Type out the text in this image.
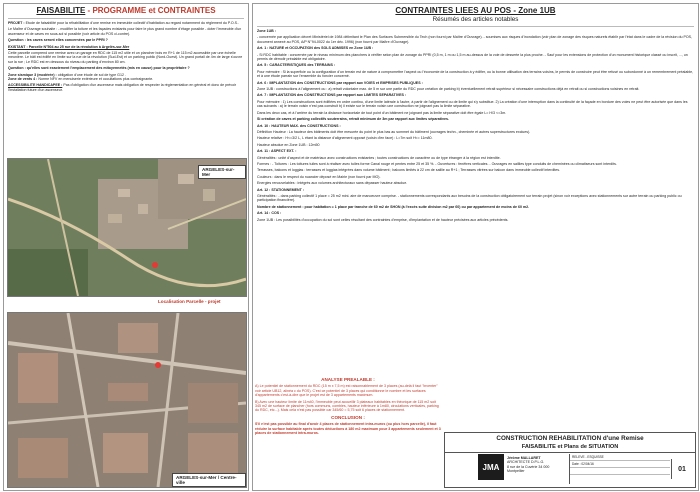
FAISABILITE - PROGRAMME et CONTRAINTES

PROJET : Etude de faisabilité pour la réhabilitation d'une remise en immeuble collectif d'habitation au regard notamment du règlement du P.O.S..

Le Maître d'Ouvrage souhaite : - modifier la toiture et les façades existants pour faire le plus grand nombre d'étage possible - doter l'immeuble d'un ascenseur et de caves en sous-sol si possible (voir article du POS ci-contre).

Question : les caves seront elles concernées par le PPRI ?

EXISTANT : Parcelle N°504 au 25 rue de la révolution à Argelès-sur-Mer

Cette parcelle comprend une remise avec un garage en RDC de 115 m2 utile et un plancher bois en R+1 de 115 m2 accessible par une échelle meunière. Le bâti est édifié en limite sur la rue de la révolution (Sud-Est) et un parking public (Nord-Ouest). Un grand portail de 4m de large s'ouvre sur la rue ; Le RDC est en dessous du niveau du parking d'environ 80 cm.

Question : qu'elles sont exactement l'emplacement des mitoyennetés (mis en cause) pour la propriétaire ?

Zone sismique 3 (modérée) : obligation d'une étude de sol de type G12 .
Zone de vents 4 : Norme NFV en menuiserie extérieure et occultations plus contraignante.

ACCESSIBILITE HANDICAPEE : Pas d'obligation d'un ascenseur mais obligation de respecter la réglementation en général et donc de prévoir l'installation future d'un ascenseur.

ARGELES-sur-Mer
Localisation Parcelle - projet
ARGELES-sur-Mer / Centre-ville
CONTRAINTES LIEES AU POS - Zone 1UB
Résumés des articles notables

Zone 1UB :

- concernée par application décret Ministériel de 1984 délimitant le Plan des Surfaces Submersible du Tech (non fourni par Maître d'Ouvrage). - soumises aux risques d'inondation (voir plan de zonage des risques naturels établir par l'état dans le cadre de la révision du POS, document annexé au POS, A/P N°94-0022 du 1er déc. 1996) (non fourni par Maître d'Ouvrage).

Art. 1 : NATURE et OCCUPATION des SOLS ADMISES en Zone 1UB :

- Si RDC habitable : concernée par le niveau minimum des planchers à vérifier selon plan de zonage du PPRI (0,5 m, 1 m ou 1,5 m au-dessus de la voie de desserte la plus proche. - Sauf pour les extensions de protection d'un monument historique classé ou inscrit, ..., un permis de démolir préalable est obligatoire.

Art. 5 : CARACTERISTIQUES des TERRAINS :

Pour mémoire : Si la superficie ou la configuration d'un terrain est de nature à compromettre l'aspect ou l'économie de la construction à y édifier, ou la bonne utilisation des terrains voisins, le permis de construire peut être refusé ou subordonné à un remembrement préalable, et à une étude parrain sur l'ensemble du foncier concerné.

Art. 6 : IMPLANTATION des CONSTRUCTIONS par rapport aux VOIES et EMPRISES PUBLIQUES :

Zone 1UB : constructions à l'alignement ou : a) retrait volontaire max. de 5 m sur une partie du RDC pour création de parking b) éventuellement retrait supérieur si nécessaire constructions déjà en retrait ou si constructions voisines en retrait.

Art. 7 : IMPLANTATION des CONSTRUCTIONS par rapport aux LIMITES SEPARATIVES :

Pour mémoire : 1) Les constructions sont édifiées en ordre continu, d'une limite latérale à l'autre, à partir de l'alignement ou de limite qui s'y substitue. 2) La création d'une interruption dans la continuité de la façade en bordure des voies ne peut être autorisée que dans les cas suivants : a) le terrain voisin n'est pas construit b) il existe sur le terrain voisin une construction ne joignant pas la limite séparative.

Dans les deux cas, et à l'arrière du terrain la distance horizontale de tout point d'un bâtiment ne joignant pas la limite séparative doit être égale L= H/3 <=3m.

Si création de caves et parking collectifs souterrains, retrait minimum de 3m par rapport aux limites séparatives.

Art. 10 : HAUTEUR MAX. des CONSTRUCTIONS :

Définition Hauteur : La hauteur des bâtiments doit être mesurée du point le plus bas au sommet du bâtiment (ouvrages techn., cheminée et autres superstructures exclues).

Hauteur relative : H<=3/2 L, L étant la distance d'alignement opposé (voisin d'en face) : L=7m soit H<= 11m80.

Hauteur absolue en Zone 1UB : 12m50

Art. 11 : ASPECT EXT. :

Généralités : unité d'aspect et de matériaux avec constructions existantes ; toutes constructions de caractère ou de type étranger à la région est interdite.

Formes : - Toitures : Les toitures tuiles sont à réaliser avec tuiles forme Canal rouge et pentes entre 25 et 35 %. - Ouvertures : fenêtres verticales. - Ouvrages en saillies type conduits de cheminées ou climatiseurs sont interdits.

Terrasses, balcons et loggias : terrasses et loggias intégrées dans volume bâtiment ; balcons limités à 22 cm de saillie au R+1 ; Terrasses vitrées sur balcon dans immeuble collectif interdites.

Couleurs : dans le respect du nuancier déposé en Mairie (non fourni par MO).

Energies renouvelables : intégrés aux volumes architecturaux sans dépasser hauteur absolue.

Art. 12 : STATIONNEMENT :

Généralités : - dans parking collectif 1 place = 25 m2 mini. aire de manoeuvre comprise. - stationnements correspondants aux besoins de la construction obligatoirement sur terrain projet (sinon voir exceptions avec stationnements sur autre terrain ou parking public ou participation financière).

Nombre de stationnement : pour habitation = 1 place par tranche de 60 m2 de SHON (à l'excès suite division m2 par 60) ou par appartement de moins de 60 m2.

Art. 14 : COS :

Zone 1UB : Les possibilités d'occupation du sol sont celles résultant des contraintes d'emprise, d'implantation et de hauteur précisées aux articles précédents.

ANALYSE PREALABLE :

A) Le potentiel de stationnement du RDC (15 m x 7,5 m) est raisonnablement de 3 places (au-delà il faut "inventer" voir article UB12, alinéa c du POS). C'est ce potentiel de 3 places qui conditionne le nombre et les surfaces d'appartements c'est-à-dire que le projet est de 3 appartements maximum.

B) Avec une hauteur limite de 11m40, l'immeuble peut accueillir 3 plateaux habitables en théorique de 115 m2 soit 345 m2 de surface de plancher (hors communs, combles, hauteur inférieure à 1m80, circulations verticales, parking du RDC, etc...). Mais cela n'est pas possible car 345/60 = 5,75 soit 6 places de stationnement.

CONCLUSION :

S'il n'est pas possible au final d'avoir 4 places de stationnement intra-muros (ou plus hors parcelle), il faut réduire la surface habitable après toutes déductions à 180 m2 maximum pour 3 appartements seulement et 3 places de stationnement intra-muros.

CONSTRUCTION REHABILITATION d'une Remise
FAISABILITE et Plans de SITUATION
JMA
Jérôme MALLARET
ARCHITECTE D.P.L.G.
8 rue de la Cuvérie 34 000 Montpellier
RELEVE - ESQUISSE
Date : 02/04/16

01
